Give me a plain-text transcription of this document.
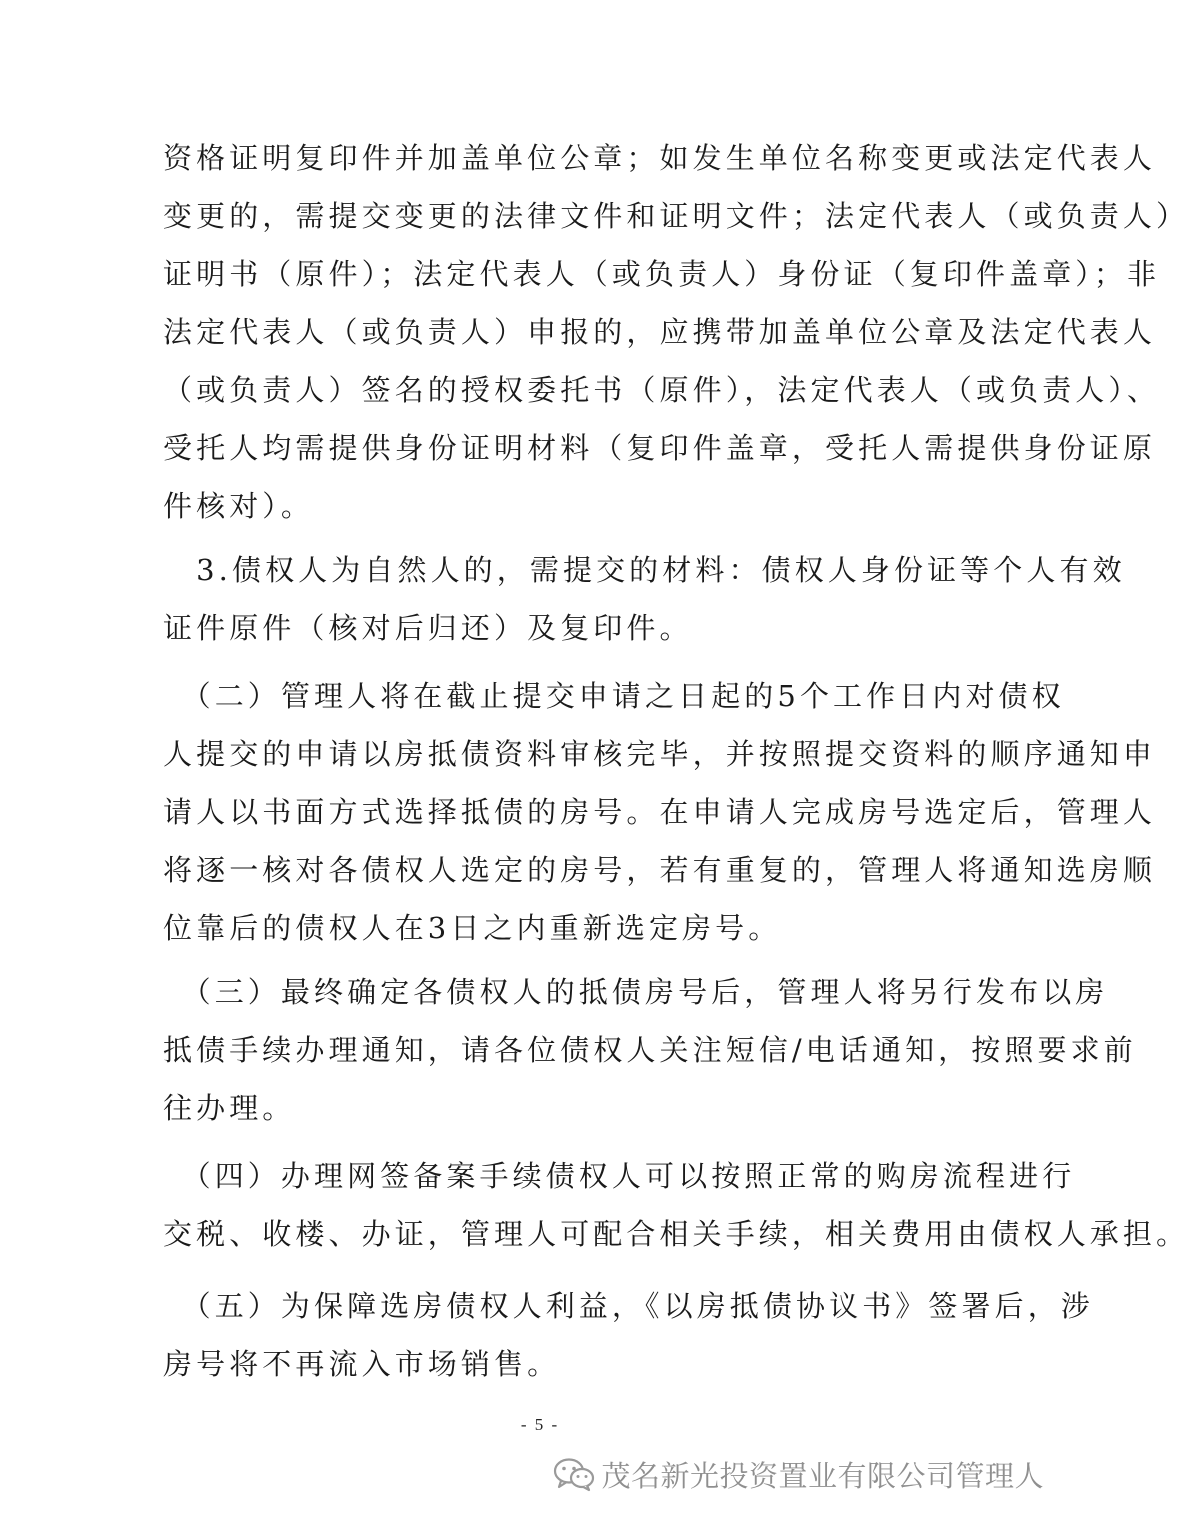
资格证明复印件并加盖单位公章；如发生单位名称变更或法定代表人
变更的，需提交变更的法律文件和证明文件；法定代表人（或负责人）
证明书（原件）；法定代表人（或负责人）身份证（复印件盖章）；非
法定代表人（或负责人）申报的，应携带加盖单位公章及法定代表人
（或负责人）签名的授权委托书（原件），法定代表人（或负责人）、
受托人均需提供身份证明材料（复印件盖章，受托人需提供身份证原
件核对）。
　3.债权人为自然人的，需提交的材料：债权人身份证等个人有效
证件原件（核对后归还）及复印件。
　（二）管理人将在截止提交申请之日起的5个工作日内对债权
人提交的申请以房抵债资料审核完毕，并按照提交资料的顺序通知申
请人以书面方式选择抵债的房号。在申请人完成房号选定后，管理人
将逐一核对各债权人选定的房号，若有重复的，管理人将通知选房顺
位靠后的债权人在3日之内重新选定房号。
　（三）最终确定各债权人的抵债房号后，管理人将另行发布以房
抵债手续办理通知，请各位债权人关注短信/电话通知，按照要求前
往办理。
　（四）办理网签备案手续债权人可以按照正常的购房流程进行
交税、收楼、办证，管理人可配合相关手续，相关费用由债权人承担。
　（五）为保障选房债权人利益，《以房抵债协议书》签署后，涉
房号将不再流入市场销售。
- 5 -
茂名新光投资置业有限公司管理人
